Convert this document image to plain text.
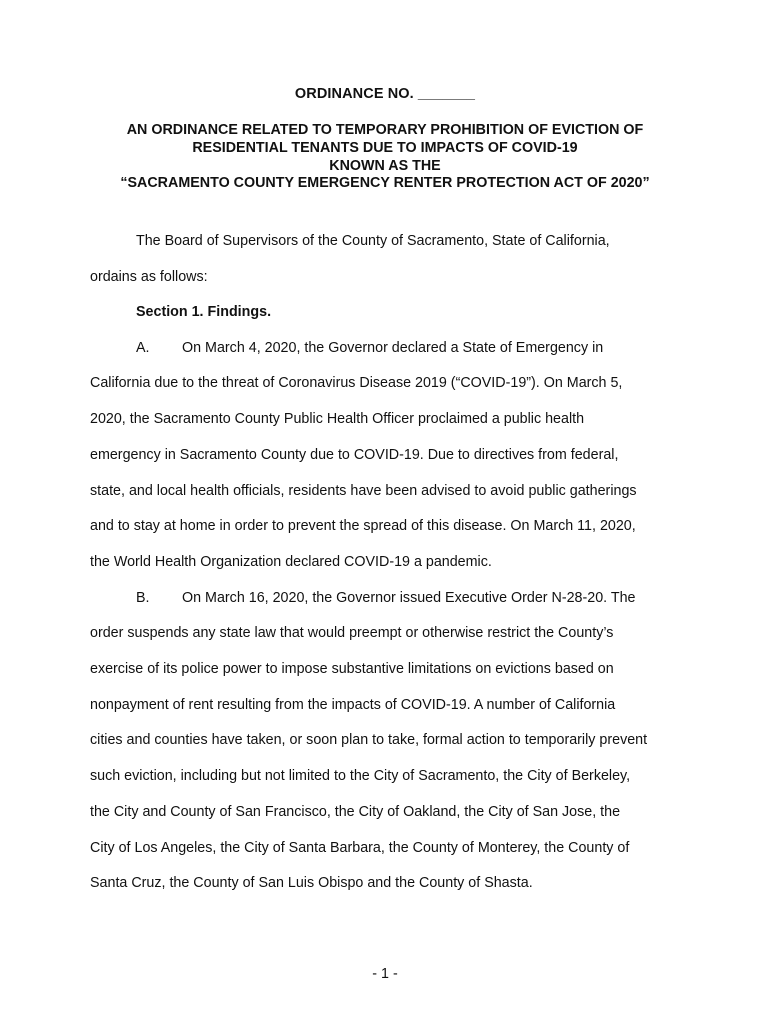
ORDINANCE NO. _______
AN ORDINANCE RELATED TO TEMPORARY PROHIBITION OF EVICTION OF
RESIDENTIAL TENANTS DUE TO IMPACTS OF COVID-19
KNOWN AS THE
“SACRAMENTO COUNTY EMERGENCY RENTER PROTECTION ACT OF 2020”
The Board of Supervisors of the County of Sacramento, State of California,
ordains as follows:
Section 1. Findings.
A. On March 4, 2020, the Governor declared a State of Emergency in
California due to the threat of Coronavirus Disease 2019 (“COVID-19”). On March 5,
2020, the Sacramento County Public Health Officer proclaimed a public health
emergency in Sacramento County due to COVID-19. Due to directives from federal,
state, and local health officials, residents have been advised to avoid public gatherings
and to stay at home in order to prevent the spread of this disease. On March 11, 2020,
the World Health Organization declared COVID-19 a pandemic.
B. On March 16, 2020, the Governor issued Executive Order N-28-20. The
order suspends any state law that would preempt or otherwise restrict the County’s
exercise of its police power to impose substantive limitations on evictions based on
nonpayment of rent resulting from the impacts of COVID-19. A number of California
cities and counties have taken, or soon plan to take, formal action to temporarily prevent
such eviction, including but not limited to the City of Sacramento, the City of Berkeley,
the City and County of San Francisco, the City of Oakland, the City of San Jose, the
City of Los Angeles, the City of Santa Barbara, the County of Monterey, the County of
Santa Cruz, the County of San Luis Obispo and the County of Shasta.
- 1 -
